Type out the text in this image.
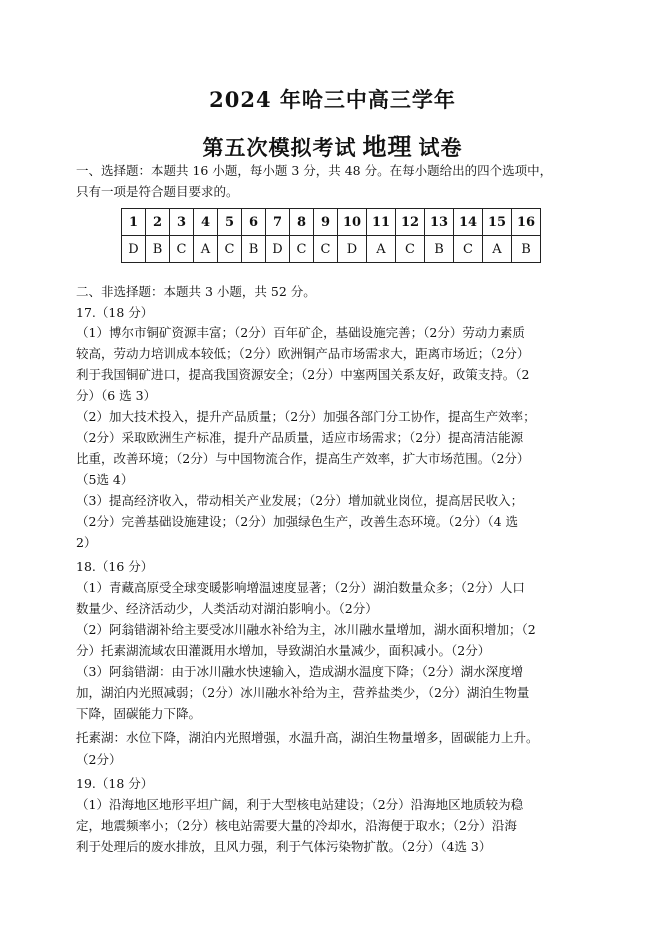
2024 年哈三中高三学年
第五次模拟考试 地理 试卷
一、选择题：本题共 16 小题，每小题 3 分，共 48 分。在每小题给出的四个选项中，
只有一项是符合题目要求的。
1	2	3	4	5	6	7	8	9	10	11	12	13	14	15	16
D	B	C	A	C	B	D	C	C	D	A	C	B	C	A	B
二、非选择题：本题共 3 小题，共 52 分。
17.（18 分）
（1）博尔市铜矿资源丰富；（2分）百年矿企，基础设施完善；（2分）劳动力素质
较高，劳动力培训成本较低；（2分）欧洲铜产品市场需求大，距离市场近；（2分）
利于我国铜矿进口，提高我国资源安全；（2分）中塞两国关系友好，政策支持。（2
分）（6 选 3）
（2）加大技术投入，提升产品质量；（2分）加强各部门分工协作，提高生产效率；
（2分）采取欧洲生产标准，提升产品质量，适应市场需求；（2分）提高清洁能源
比重，改善环境；（2分）与中国物流合作，提高生产效率，扩大市场范围。（2分）
（5选 4）
（3）提高经济收入，带动相关产业发展；（2分）增加就业岗位，提高居民收入；
（2分）完善基础设施建设；（2分）加强绿色生产，改善生态环境。（2分）（4 选
2）
18.（16 分）
（1）青藏高原受全球变暖影响增温速度显著；（2分）湖泊数量众多；（2分）人口
数量少、经济活动少，人类活动对湖泊影响小。（2分）
（2）阿翁错湖补给主要受冰川融水补给为主，冰川融水量增加，湖水面积增加；（2
分）托素湖流域农田灌溉用水增加，导致湖泊水量减少，面积减小。（2分）
（3）阿翁错湖：由于冰川融水快速输入，造成湖水温度下降；（2分）湖水深度增
加，湖泊内光照减弱；（2分）冰川融水补给为主，营养盐类少，（2分）湖泊生物量
下降，固碳能力下降。
托素湖：水位下降，湖泊内光照增强，水温升高，湖泊生物量增多，固碳能力上升。
（2分）
19.（18 分）
（1）沿海地区地形平坦广阔，利于大型核电站建设；（2分）沿海地区地质较为稳
定，地震频率小；（2分）核电站需要大量的冷却水，沿海便于取水；（2分）沿海
利于处理后的废水排放，且风力强，利于气体污染物扩散。（2分）（4选 3）
